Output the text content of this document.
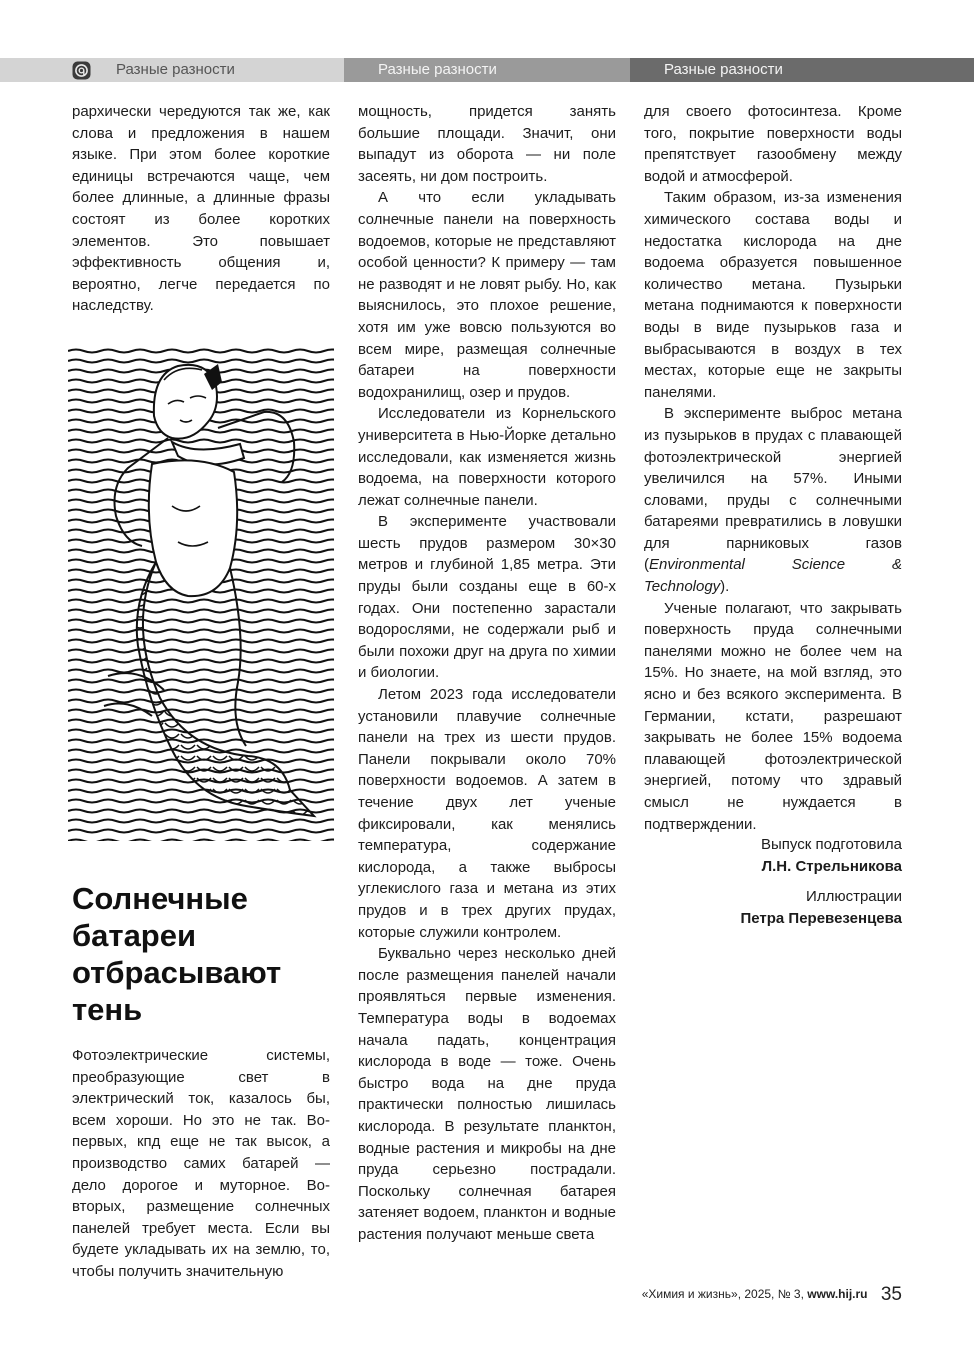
Разные разности	Разные разности	Разные разности

рархически чередуются так же, как слова и предложения в нашем языке. При этом более короткие единицы встречаются чаще, чем более длинные, а длинные фразы состоят из более коротких элементов. Это повышает эффективность общения и, вероятно, легче передается по наследству.

Солнечные
батареи
отбрасывают
тень

Фотоэлектрические системы, преобразующие свет в электрический ток, казалось бы, всем хороши. Но это не так. Во-первых, кпд еще не так высок, а производство самих батарей — дело дорогое и муторное. Во-вторых, размещение солнечных панелей требует места. Если вы будете укладывать их на землю, то, чтобы получить значительную

мощность, придется занять большие площади. Значит, они выпадут из оборота — ни поле засеять, ни дом построить.

А что если укладывать солнечные панели на поверхность водоемов, которые не представляют особой ценности? К примеру — там не разводят и не ловят рыбу. Но, как выяснилось, это плохое решение, хотя им уже вовсю пользуются во всем мире, размещая солнечные батареи на поверхности водохранилищ, озер и прудов.

Исследователи из Корнельского университета в Нью-Йорке детально исследовали, как изменяется жизнь водоема, на поверхности которого лежат солнечные панели.

В эксперименте участвовали шесть прудов размером 30×30 метров и глубиной 1,85 метра. Эти пруды были созданы еще в 60-х годах. Они постепенно зарастали водорослями, не содержали рыб и были похожи друг на друга по химии и биологии.

Летом 2023 года исследователи установили плавучие солнечные панели на трех из шести прудов. Панели покрывали около 70% поверхности водоемов. А затем в течение двух лет ученые фиксировали, как менялись температура, содержание кислорода, а также выбросы углекислого газа и метана из этих прудов и в трех других прудах, которые служили контролем.

Буквально через несколько дней после размещения панелей начали проявляться первые изменения. Температура воды в водоемах начала падать, концентрация кислорода в воде — тоже. Очень быстро вода на дне пруда практически полностью лишилась кислорода. В результате планктон, водные растения и микробы на дне пруда серьезно пострадали. Поскольку солнечная батарея затеняет водоем, планктон и водные растения получают меньше света

для своего фотосинтеза. Кроме того, покрытие поверхности воды препятствует газообмену между водой и атмосферой.

Таким образом, из-за изменения химического состава воды и недостатка кислорода на дне водоема образуется повышенное количество метана. Пузырьки метана поднимаются к поверхности воды в виде пузырьков газа и выбрасываются в воздух в тех местах, которые еще не закрыты панелями.

В эксперименте выброс метана из пузырьков в прудах с плавающей фотоэлектрической энергией увеличился на 57%. Иными словами, пруды с солнечными батареями превратились в ловушки для парниковых газов (Environmental Science & Technology).

Ученые полагают, что закрывать поверхность пруда солнечными панелями можно не более чем на 15%. Но знаете, на мой взгляд, это ясно и без всякого эксперимента. В Германии, кстати, разрешают закрывать не более 15% водоема плавающей фотоэлектрической энергией, потому что здравый смысл не нуждается в подтверждении.

Выпуск подготовила
Л.Н. Стрельникова
Иллюстрации
Петра Перевезенцева
«Химия и жизнь», 2025, № 3, www.hij.ru 35
